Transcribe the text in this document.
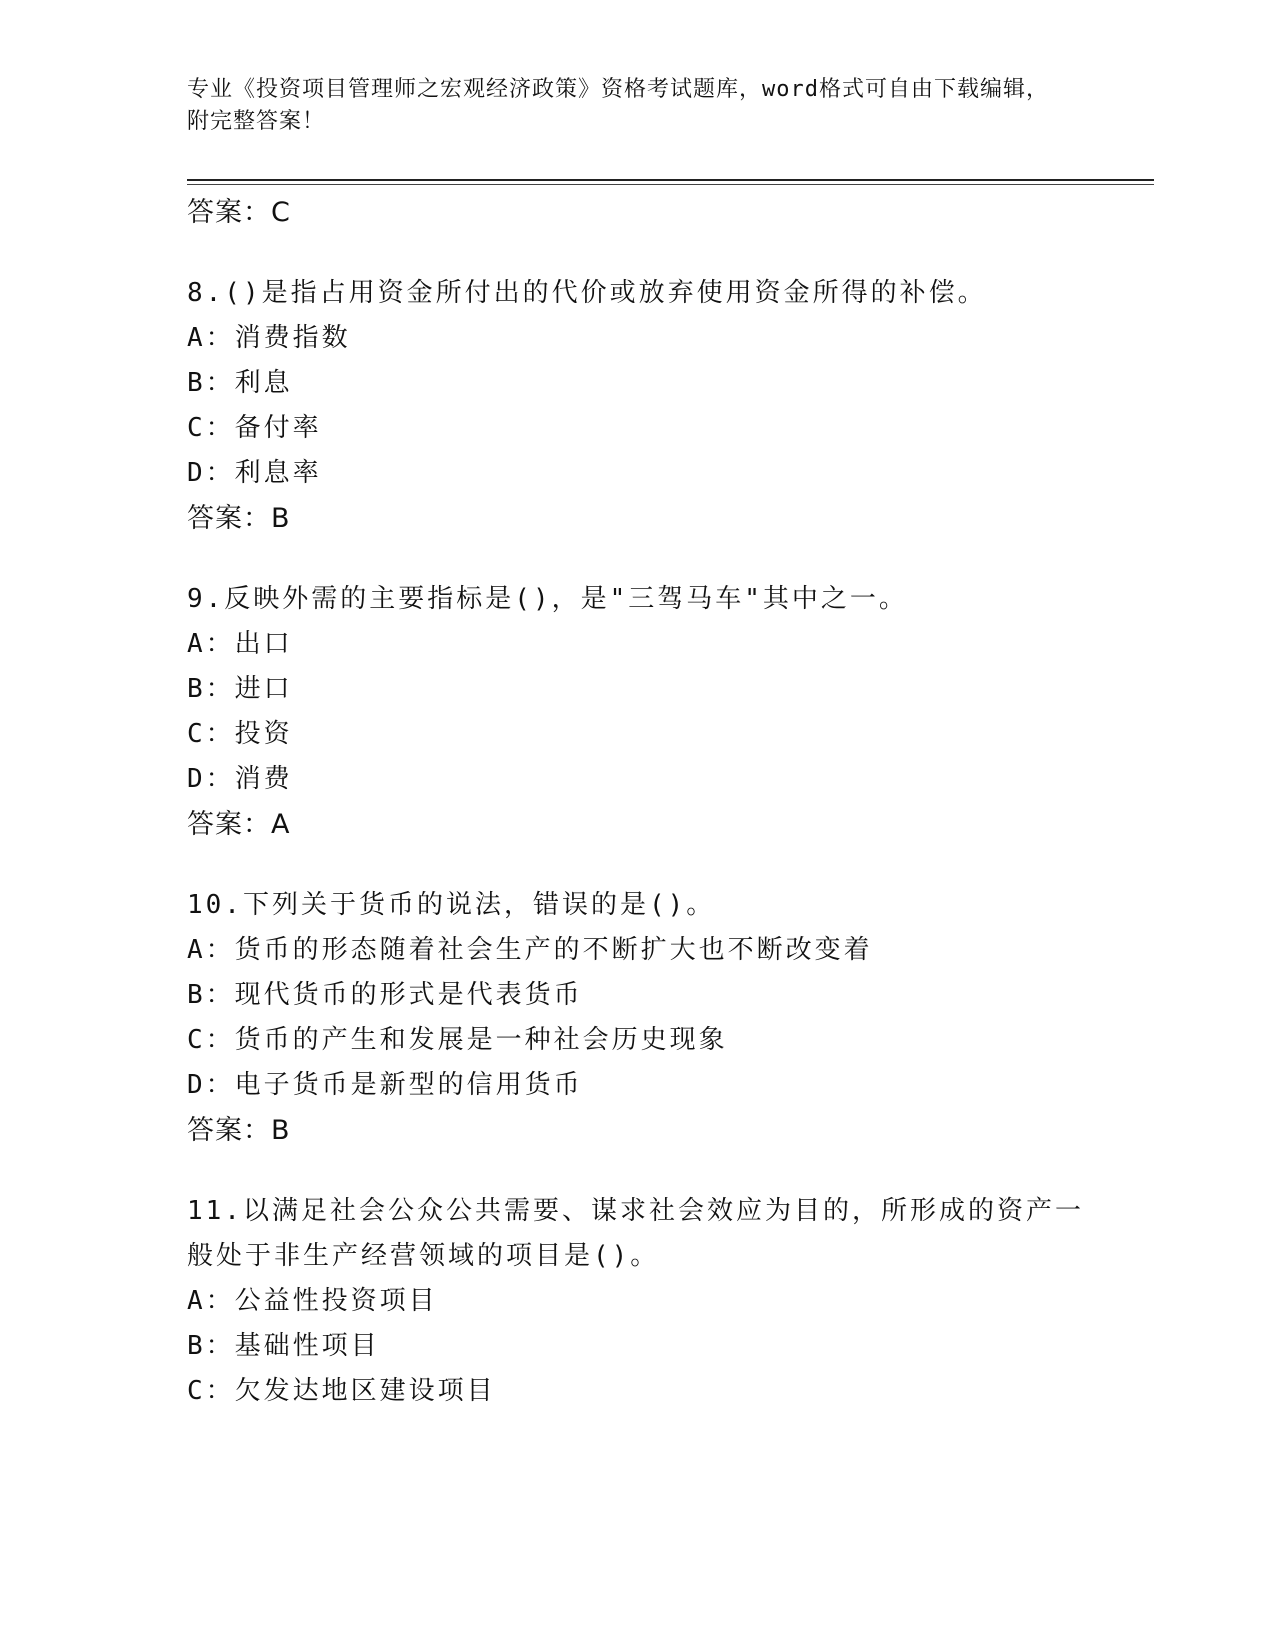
专业《投资项目管理师之宏观经济政策》资格考试题库，word格式可自由下载编辑，附完整答案！
答案：C
8.()是指占用资金所付出的代价或放弃使用资金所得的补偿。
A：消费指数
B：利息
C：备付率
D：利息率
答案：B
9.反映外需的主要指标是()，是"三驾马车"其中之一。
A：出口
B：进口
C：投资
D：消费
答案：A
10.下列关于货币的说法，错误的是()。
A：货币的形态随着社会生产的不断扩大也不断改变着
B：现代货币的形式是代表货币
C：货币的产生和发展是一种社会历史现象
D：电子货币是新型的信用货币
答案：B
11.以满足社会公众公共需要、谋求社会效应为目的，所形成的资产一般处于非生产经营领域的项目是()。
A：公益性投资项目
B：基础性项目
C：欠发达地区建设项目
